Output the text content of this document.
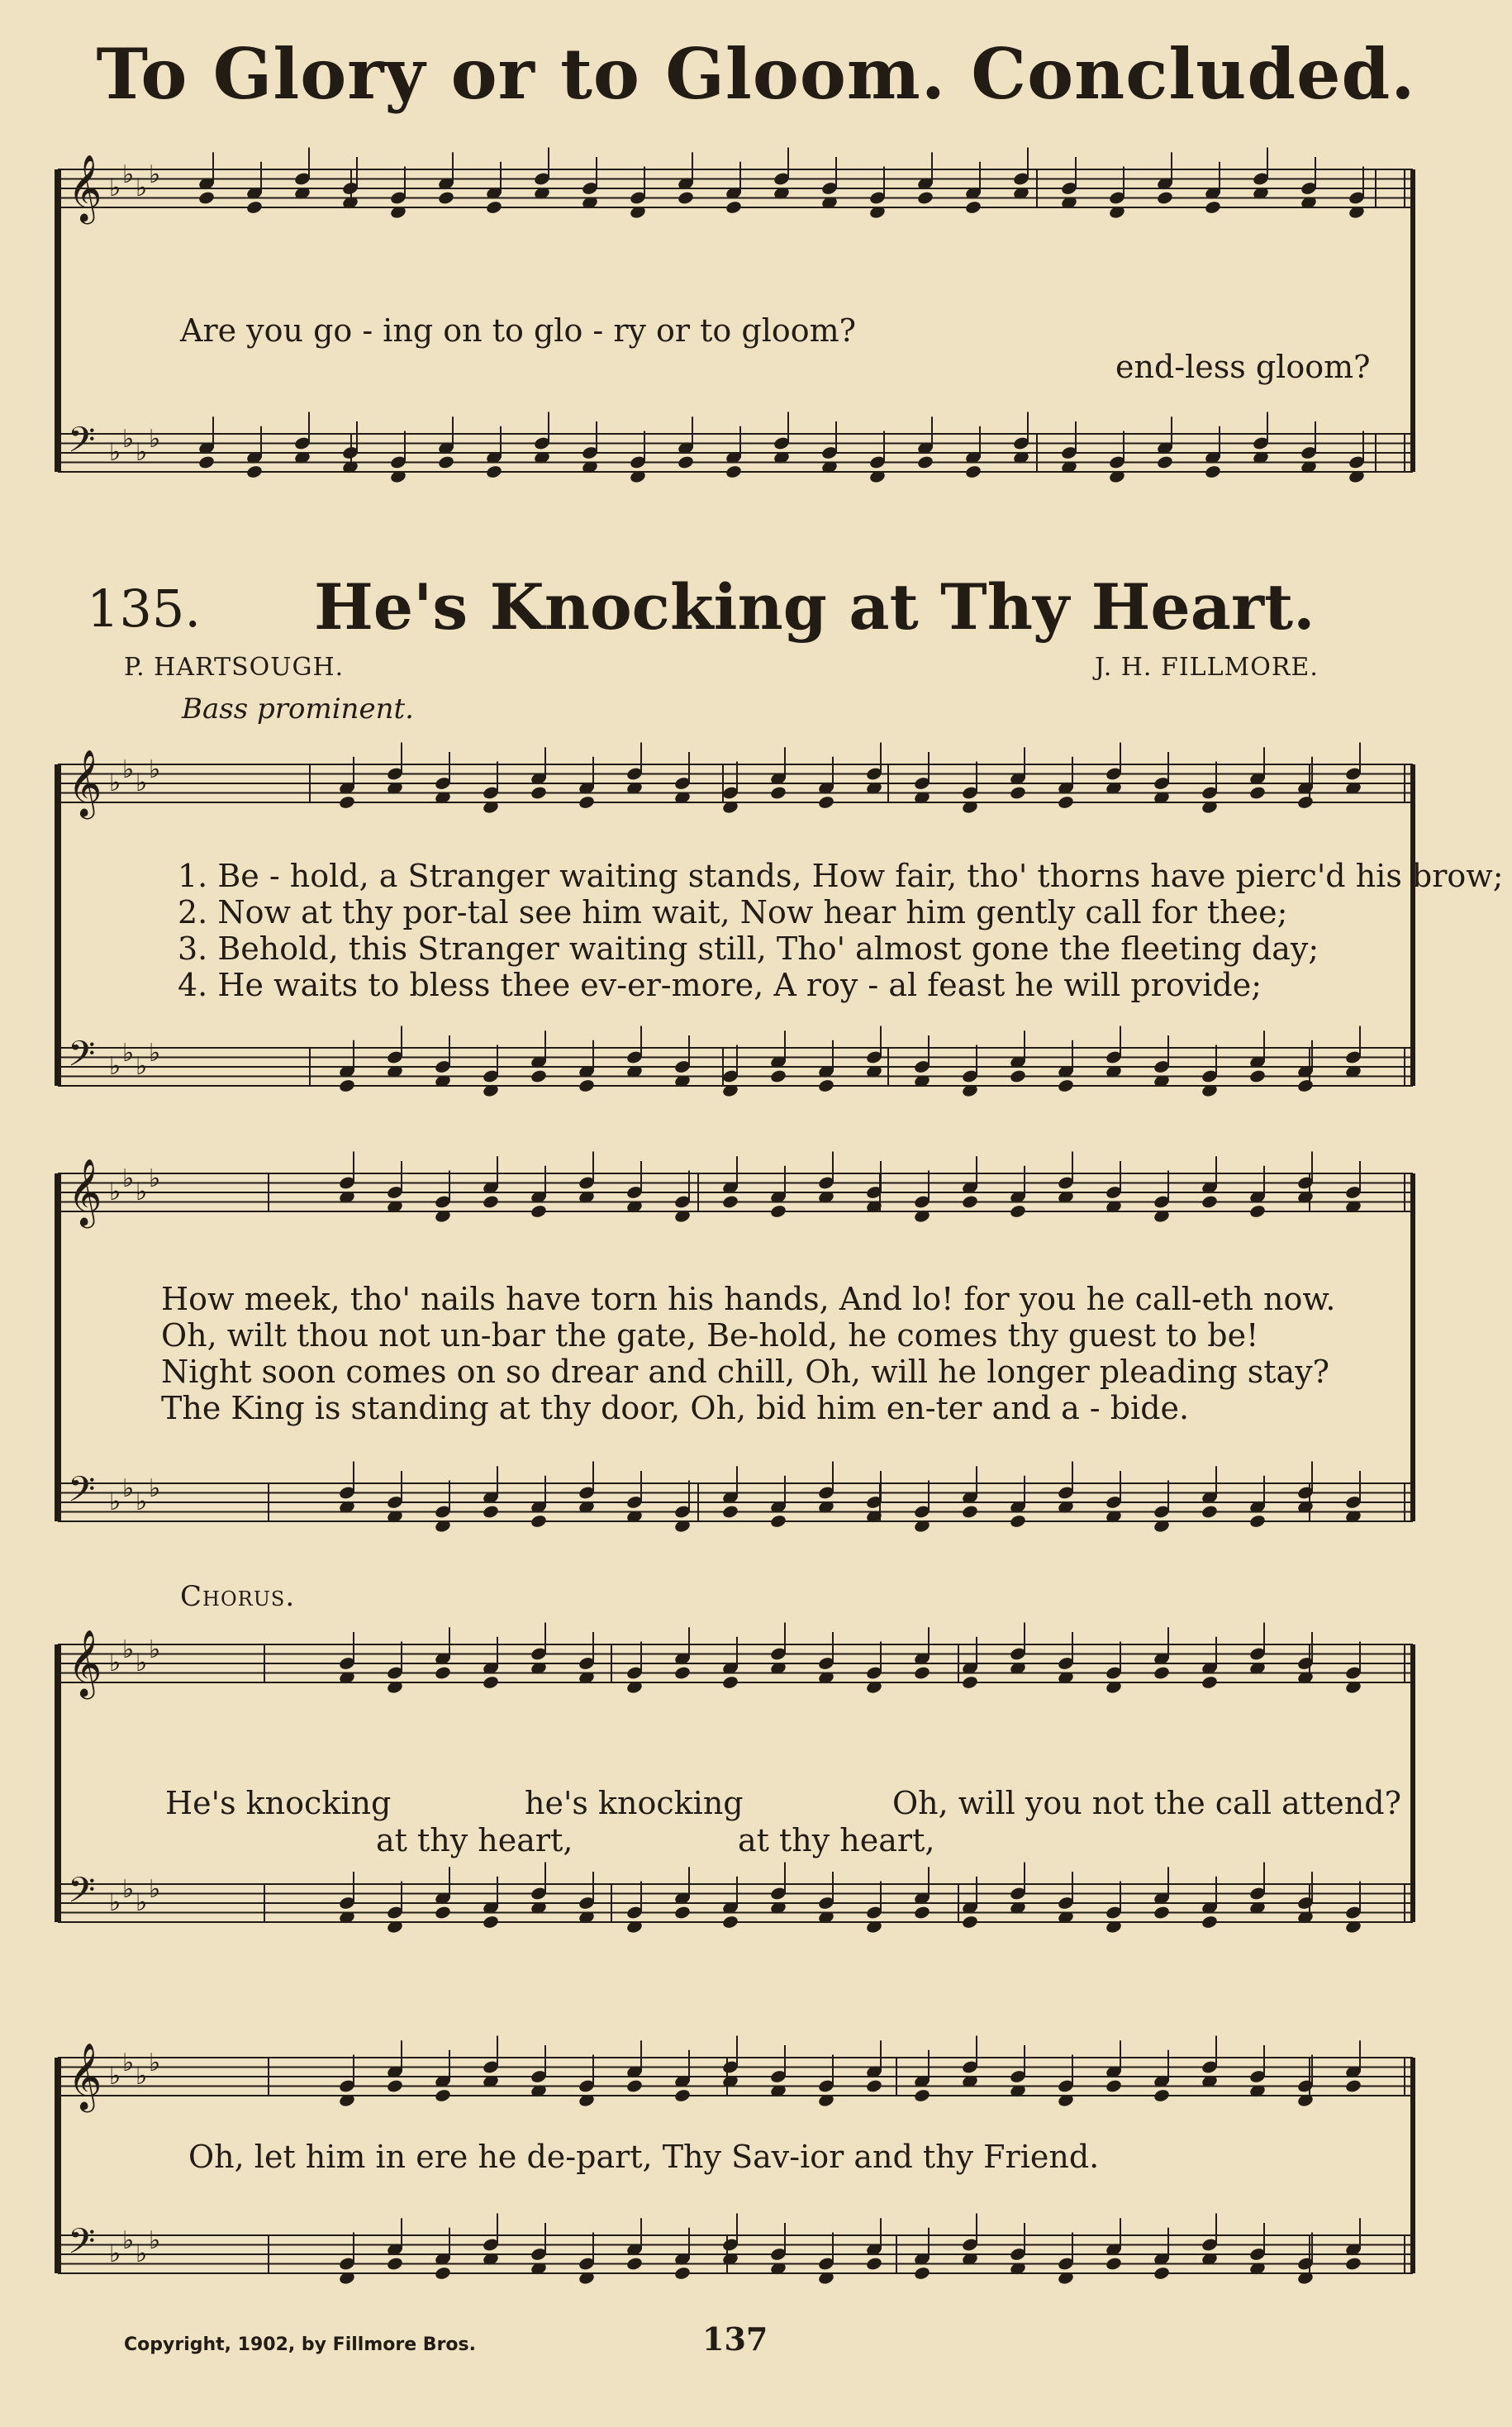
To Glory or to Gloom. Concluded.
135. He's Knocking at Thy Heart.
P. HARTSOUGH.	J. H. FILLMORE.
Bass prominent.
𝄞 ♭ ♭ ♭ ♭
𝄢 ♭ ♭ ♭ ♭
𝄞 ♭ ♭ ♭ ♭
𝄢 ♭ ♭ ♭ ♭
𝄞 ♭ ♭ ♭ ♭
𝄢 ♭ ♭ ♭ ♭
𝄞 ♭ ♭ ♭ ♭
𝄢 ♭ ♭ ♭ ♭
𝄞 ♭ ♭ ♭ ♭
𝄢 ♭ ♭ ♭ ♭
Are you go - ing on to glo - ry or to gloom?
end-less gloom?
1. Be - hold, a Stranger waiting stands, How fair, tho' thorns have pierc'd his brow;
2. Now at thy por-tal see him wait, Now hear him gently call for thee;
3. Behold, this Stranger waiting still, Tho' almost gone the fleeting day;
4. He waits to bless thee ev-er-more, A roy - al feast he will provide;
How meek, tho' nails have torn his hands, And lo! for you he call-eth now.
Oh, wilt thou not un-bar the gate, Be-hold, he comes thy guest to be!
Night soon comes on so drear and chill, Oh, will he longer pleading stay?
The King is standing at thy door, Oh, bid him en-ter and a - bide.
Chorus.
He's knocking	he's knocking	Oh, will you not the call attend?
at thy heart,	at thy heart,
Oh, let him in ere he de-part, Thy Sav-ior and thy Friend.
Copyright, 1902, by Fillmore Bros.	137
